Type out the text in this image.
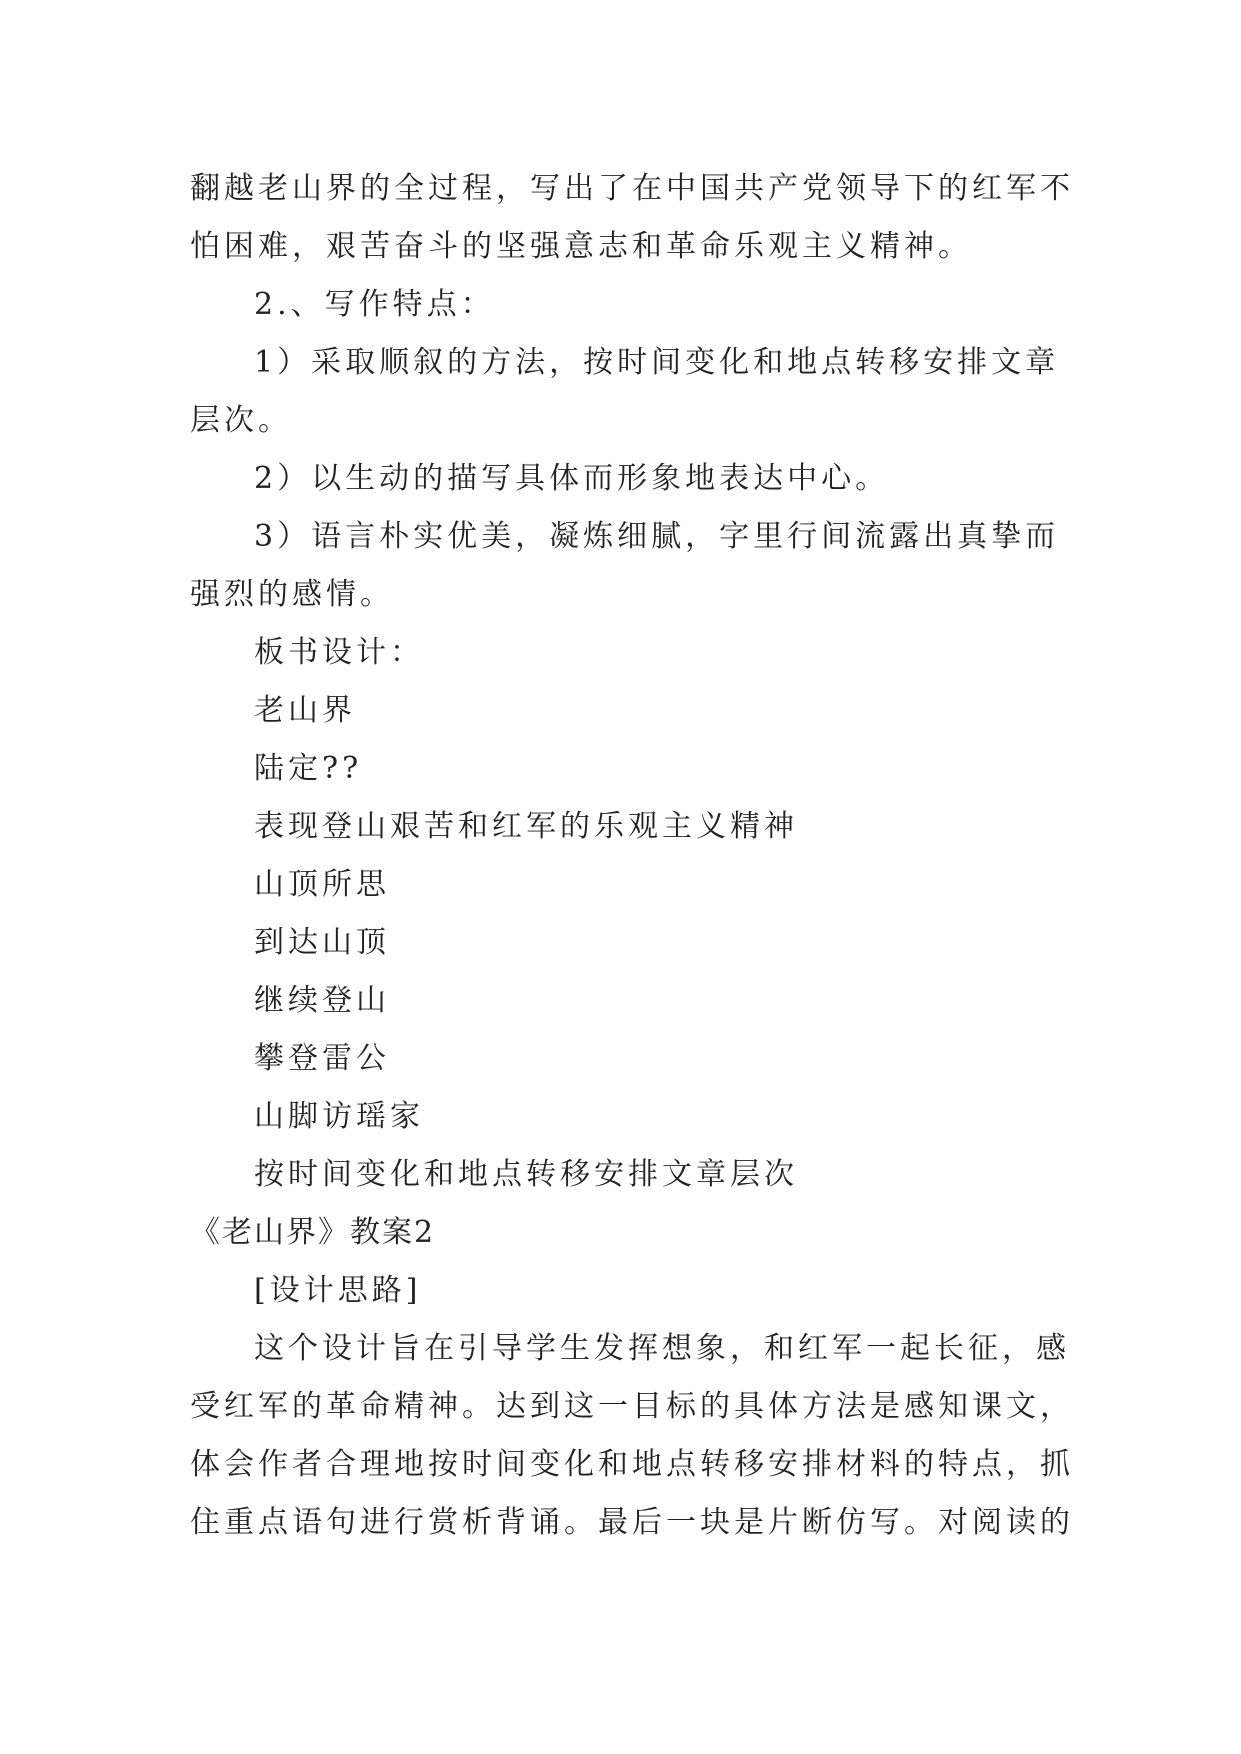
翻越老山界的全过程，写出了在中国共产党领导下的红军不
怕困难，艰苦奋斗的坚强意志和革命乐观主义精神。
2.、写作特点：
1）采取顺叙的方法，按时间变化和地点转移安排文章
层次。
2）以生动的描写具体而形象地表达中心。
3）语言朴实优美，凝炼细腻，字里行间流露出真挚而
强烈的感情。
板书设计：
老山界
陆定??
表现登山艰苦和红军的乐观主义精神
山顶所思
到达山顶
继续登山
攀登雷公
山脚访瑶家
按时间变化和地点转移安排文章层次
《老山界》教案2
[设计思路]
这个设计旨在引导学生发挥想象，和红军一起长征，感
受红军的革命精神。达到这一目标的具体方法是感知课文，
体会作者合理地按时间变化和地点转移安排材料的特点，抓
住重点语句进行赏析背诵。最后一块是片断仿写。对阅读的
